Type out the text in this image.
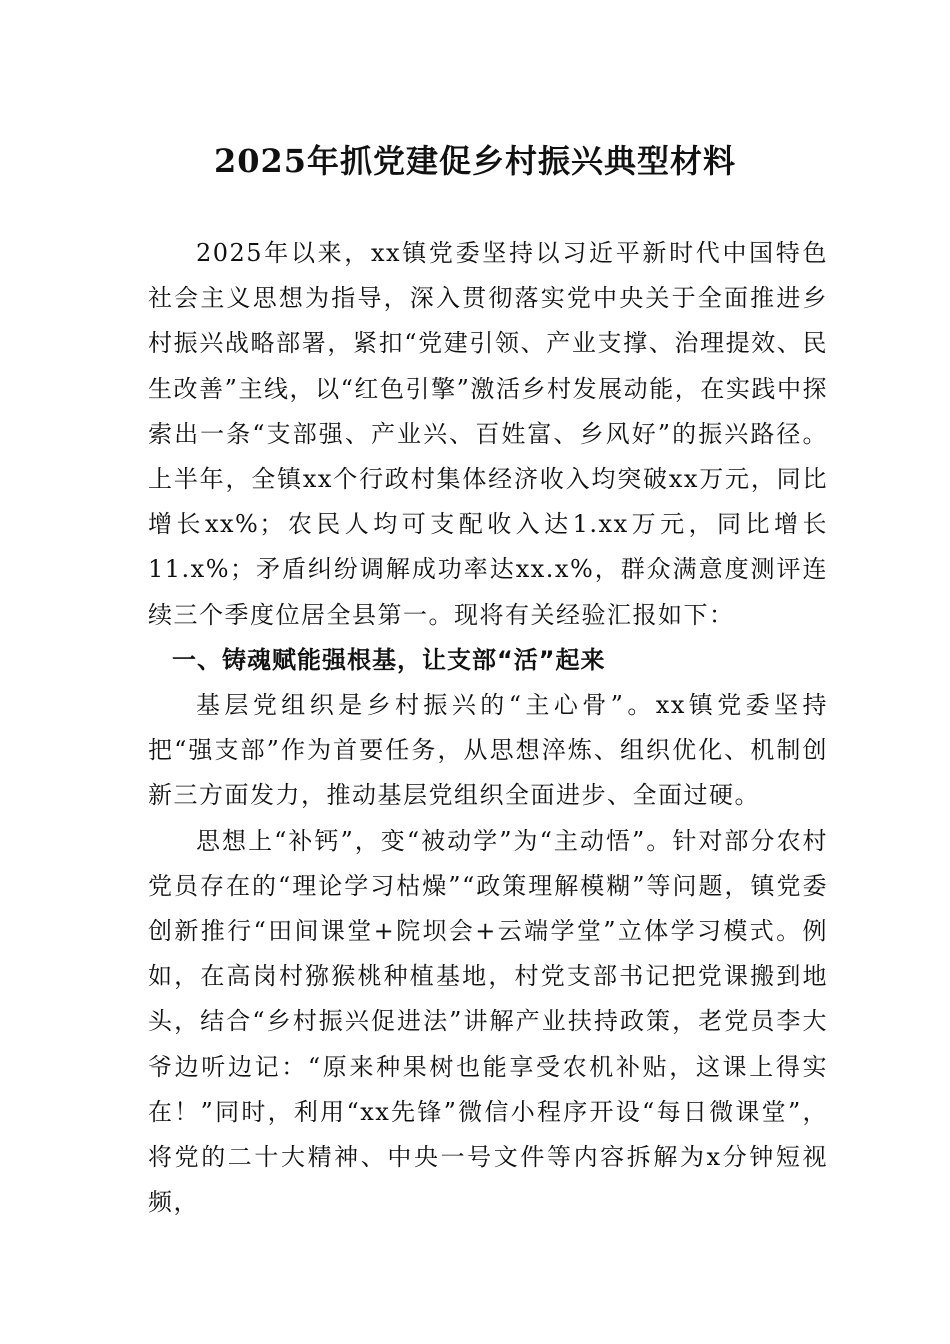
2025年抓党建促乡村振兴典型材料

2025年以来，xx镇党委坚持以习近平新时代中国特色社会主义思想为指导，深入贯彻落实党中央关于全面推进乡村振兴战略部署，紧扣“党建引领、产业支撑、治理提效、民生改善”主线，以“红色引擎”激活乡村发展动能，在实践中探索出一条“支部强、产业兴、百姓富、乡风好”的振兴路径。上半年，全镇xx个行政村集体经济收入均突破xx万元，同比增长xx%；农民人均可支配收入达1.xx万元，同比增长11.x%；矛盾纠纷调解成功率达xx.x%，群众满意度测评连续三个季度位居全县第一。现将有关经验汇报如下：

一、铸魂赋能强根基，让支部“活”起来

基层党组织是乡村振兴的“主心骨”。xx镇党委坚持把“强支部”作为首要任务，从思想淬炼、组织优化、机制创新三方面发力，推动基层党组织全面进步、全面过硬。

思想上“补钙”，变“被动学”为“主动悟”。针对部分农村党员存在的“理论学习枯燥”“政策理解模糊”等问题，镇党委创新推行“田间课堂+院坝会+云端学堂”立体学习模式。例如，在高岗村猕猴桃种植基地，村党支部书记把党课搬到地头，结合“乡村振兴促进法”讲解产业扶持政策，老党员李大爷边听边记：“原来种果树也能享受农机补贴，这课上得实在！”同时，利用“xx先锋”微信小程序开设“每日微课堂”，将党的二十大精神、中央一号文件等内容拆解为x分钟短视频，
